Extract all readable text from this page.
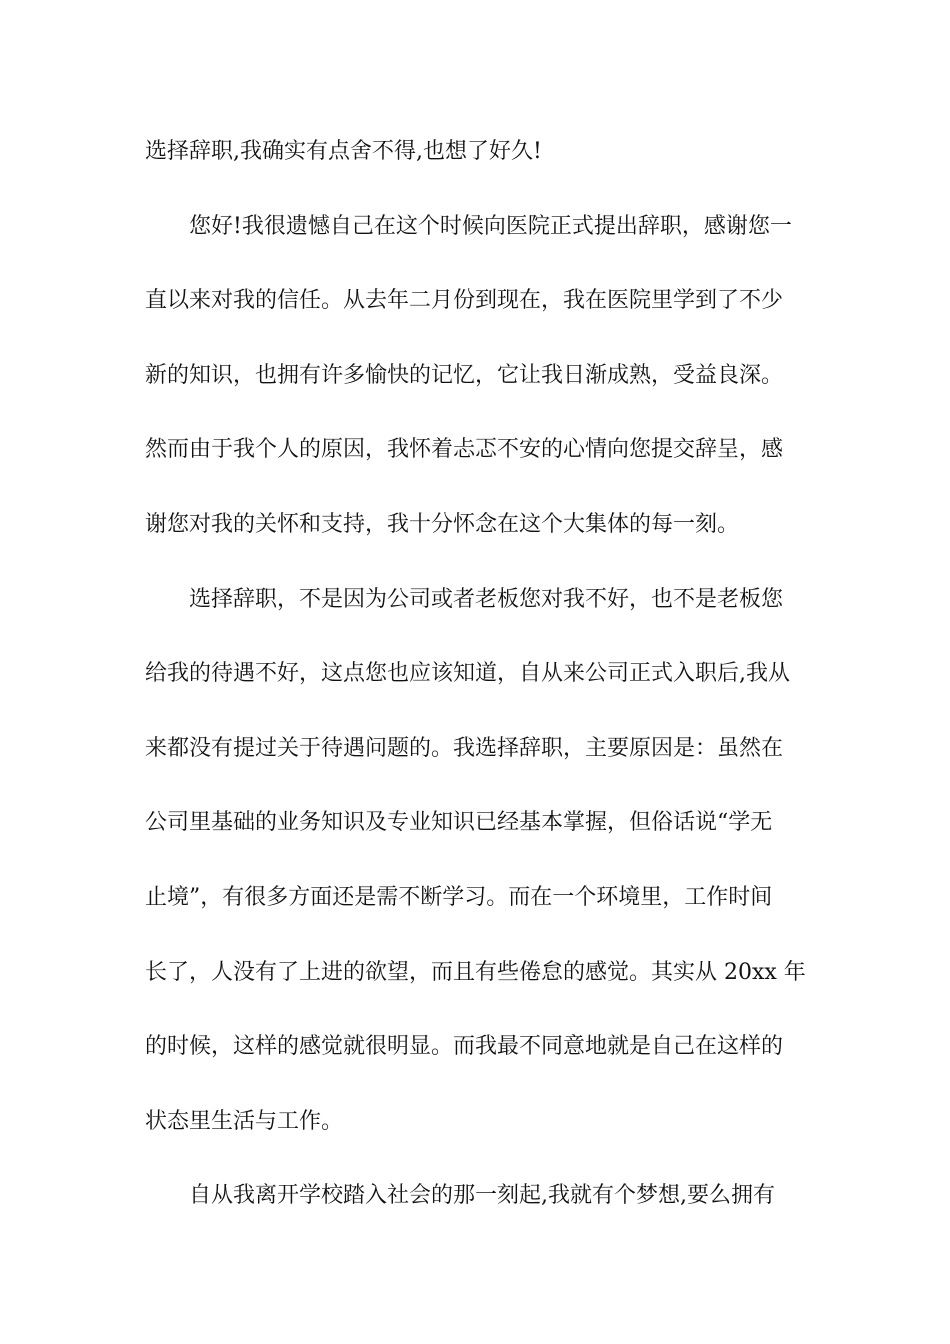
选择辞职,我确实有点舍不得,也想了好久!
您好!我很遗憾自己在这个时候向医院正式提出辞职，感谢您一
直以来对我的信任。从去年二月份到现在，我在医院里学到了不少
新的知识，也拥有许多愉快的记忆，它让我日渐成熟，受益良深。
然而由于我个人的原因，我怀着忐忑不安的心情向您提交辞呈，感
谢您对我的关怀和支持，我十分怀念在这个大集体的每一刻。
选择辞职，不是因为公司或者老板您对我不好，也不是老板您
给我的待遇不好，这点您也应该知道，自从来公司正式入职后,我从
来都没有提过关于待遇问题的。我选择辞职，主要原因是：虽然在
公司里基础的业务知识及专业知识已经基本掌握，但俗话说“学无
止境”，有很多方面还是需不断学习。而在一个环境里，工作时间
长了，人没有了上进的欲望，而且有些倦怠的感觉。其实从 20xx 年
的时候，这样的感觉就很明显。而我最不同意地就是自己在这样的
状态里生活与工作。
自从我离开学校踏入社会的那一刻起,我就有个梦想,要么拥有
